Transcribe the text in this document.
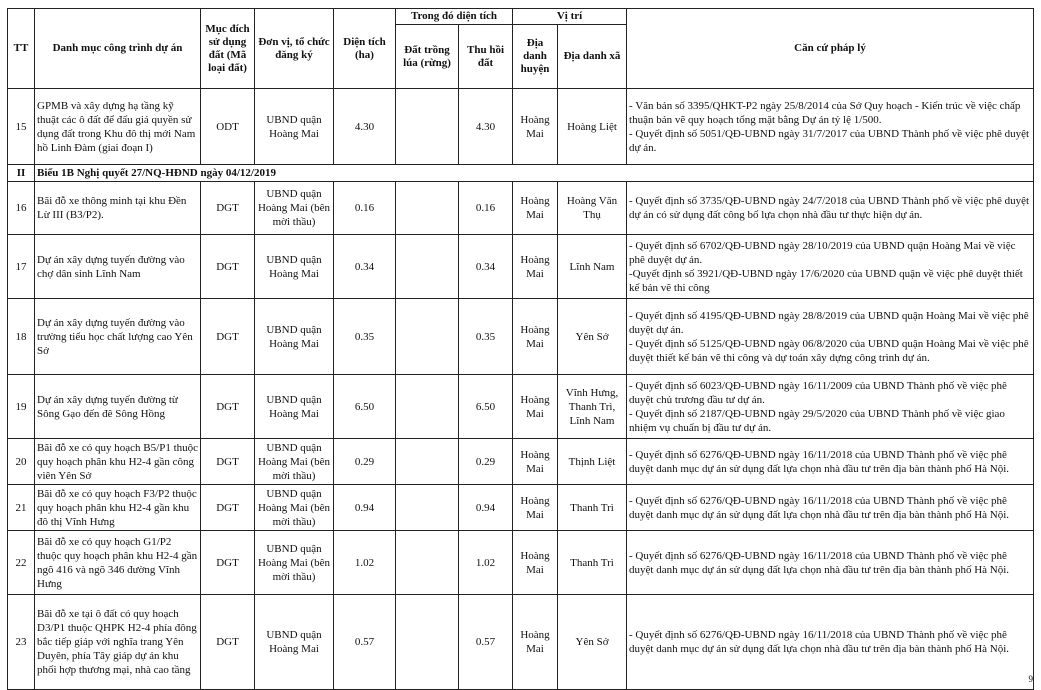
TT	Danh mục công trình dự án	Mục đích sử dụng đất (Mã loại đất)	Đơn vị, tổ chức đăng ký	Diện tích (ha)	Trong đó diện tích		Vị trí		Căn cứ pháp lý
					Đất trồng lúa (rừng)	Thu hồi đất	Địa danh huyện	Địa danh xã	
15	GPMB và xây dựng hạ tầng kỹ thuật các ô đất để đấu giá quyền sử dụng đất trong Khu đô thị mới Nam hồ Linh Đàm (giai đoạn I)	ODT	UBND quận Hoàng Mai	4.30		4.30	Hoàng Mai	Hoàng Liệt	- Văn bản số 3395/QHKT-P2 ngày 25/8/2014 của Sở Quy hoạch - Kiến trúc về việc chấp thuận bản vẽ quy hoạch tổng mặt bằng Dự án tỷ lệ 1/500.
- Quyết định số 5051/QĐ-UBND ngày 31/7/2017 của UBND Thành phố về việc phê duyệt dự án.

II	Biểu 1B Nghị quyết 27/NQ-HĐND ngày 04/12/2019								
16	Bãi đỗ xe thông minh tại khu Đền Lừ III (B3/P2).	DGT	UBND quận Hoàng Mai (bên mời thầu)	0.16		0.16	Hoàng Mai	Hoàng Văn Thụ	- Quyết định số 3735/QĐ-UBND ngày 24/7/2018 của UBND Thành phố về việc phê duyệt dự án có sử dụng đất công bố lựa chọn nhà đầu tư thực hiện dự án.

17	Dự án xây dựng tuyến đường vào chợ dân sinh Lĩnh Nam	DGT	UBND quận Hoàng Mai	0.34		0.34	Hoàng Mai	Lĩnh Nam	- Quyết định số 6702/QĐ-UBND ngày 28/10/2019 của UBND quận Hoàng Mai về việc phê duyệt dự án.
-Quyết định số 3921/QĐ-UBND ngày 17/6/2020 của UBND quận về việc phê duyệt thiết kế bản vẽ thi công

18	Dự án xây dựng tuyến đường vào trường tiểu học chất lượng cao Yên Sở	DGT	UBND quận Hoàng Mai	0.35		0.35	Hoàng Mai	Yên Sở	- Quyết định số 4195/QĐ-UBND ngày 28/8/2019 của UBND quận Hoàng Mai về việc phê duyệt dự án.
- Quyết định số 5125/QĐ-UBND ngày 06/8/2020 của UBND quận Hoàng Mai về việc phê duyệt thiết kế bản vẽ thi công và dự toán xây dựng công trình dự án.

19	Dự án xây dựng tuyến đường từ Sông Gạo đến đê Sông Hồng	DGT	UBND quận Hoàng Mai	6.50		6.50	Hoàng Mai	Vĩnh Hưng, Thanh Trì, Lĩnh Nam	- Quyết định số 6023/QĐ-UBND ngày 16/11/2009 của UBND Thành phố về việc phê duyệt chủ trương đầu tư dự án.
- Quyết định số 2187/QĐ-UBND ngày 29/5/2020 của UBND Thành phố về việc giao nhiệm vụ chuẩn bị đầu tư dự án.

20	Bãi đỗ xe có quy hoạch B5/P1 thuộc quy hoạch phân khu H2-4 gần công viên Yên Sở	DGT	UBND quận Hoàng Mai (bên mời thầu)	0.29		0.29	Hoàng Mai	Thịnh Liệt	- Quyết định số 6276/QĐ-UBND ngày 16/11/2018 của UBND Thành phố về việc phê duyệt danh mục dự án sử dụng đất lựa chọn nhà đầu tư trên địa bàn thành phố Hà Nội.

21	Bãi đỗ xe có quy hoạch F3/P2 thuộc quy hoạch phân khu H2-4 gần khu đô thị Vĩnh Hưng	DGT	UBND quận Hoàng Mai (bên mời thầu)	0.94		0.94	Hoàng Mai	Thanh Trì	- Quyết định số 6276/QĐ-UBND ngày 16/11/2018 của UBND Thành phố về việc phê duyệt danh mục dự án sử dụng đất lựa chọn nhà đầu tư trên địa bàn thành phố Hà Nội.

22	Bãi đỗ xe có quy hoạch G1/P2 thuộc quy hoạch phân khu H2-4 gần ngõ 416 và ngõ 346 đường Vĩnh Hưng	DGT	UBND quận Hoàng Mai (bên mời thầu)	1.02		1.02	Hoàng Mai	Thanh Trì	- Quyết định số 6276/QĐ-UBND ngày 16/11/2018 của UBND Thành phố về việc phê duyệt danh mục dự án sử dụng đất lựa chọn nhà đầu tư trên địa bàn thành phố Hà Nội.

23	Bãi đỗ xe tại ô đất có quy hoạch D3/P1 thuộc QHPK H2-4 phía đông bắc tiếp giáp với nghĩa trang Yên Duyên, phía Tây giáp dự án khu phối hợp thương mại, nhà cao tầng	DGT	UBND quận Hoàng Mai	0.57		0.57	Hoàng Mai	Yên Sở	- Quyết định số 6276/QĐ-UBND ngày 16/11/2018 của UBND Thành phố về việc phê duyệt danh mục dự án sử dụng đất lựa chọn nhà đầu tư trên địa bàn thành phố Hà Nội.
9
